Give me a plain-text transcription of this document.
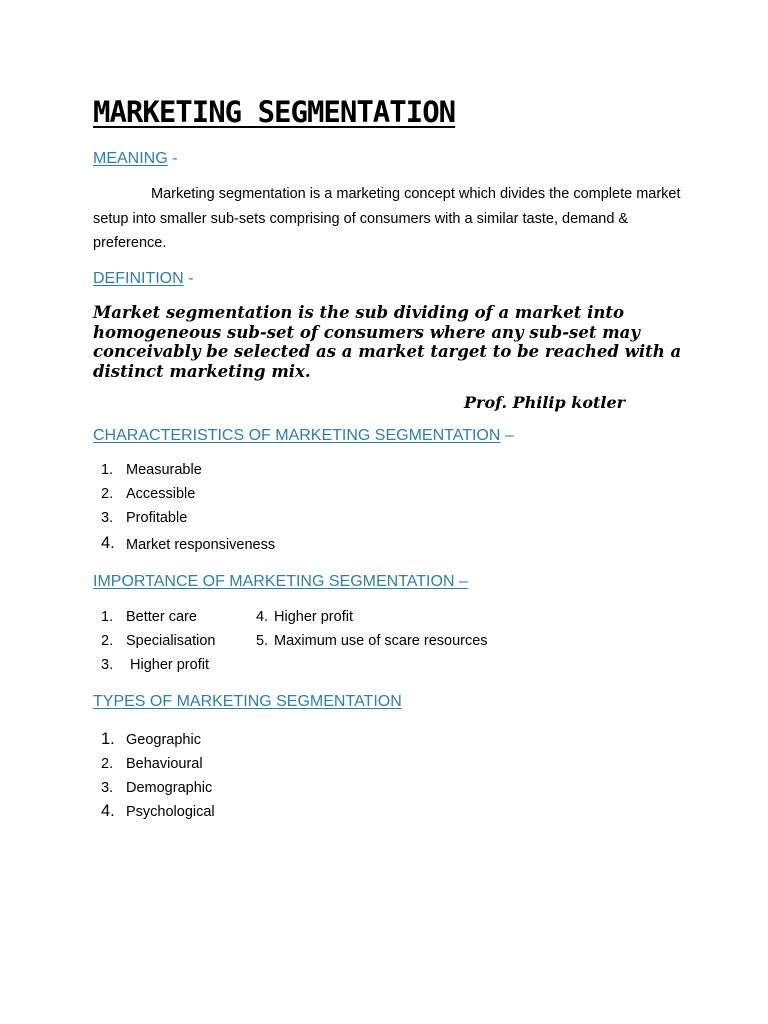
MARKETING SEGMENTATION
MEANING -
Marketing segmentation is a marketing concept which divides the complete market setup into smaller sub-sets comprising of consumers with a similar taste, demand & preference.
DEFINITION -
Market segmentation is the sub dividing of a market into homogeneous sub-set of consumers where any sub-set may conceivably be selected as a market target to be reached with a distinct marketing mix.
Prof. Philip kotler
CHARACTERISTICS OF MARKETING SEGMENTATION –
1. Measurable
2. Accessible
3. Profitable
4. Market responsiveness
IMPORTANCE OF MARKETING SEGMENTATION –
1. Better care
2. Specialisation
3. Higher profit
4. Higher profit
5. Maximum use of scare resources
TYPES OF MARKETING SEGMENTATION
1. Geographic
2. Behavioural
3. Demographic
4. Psychological
